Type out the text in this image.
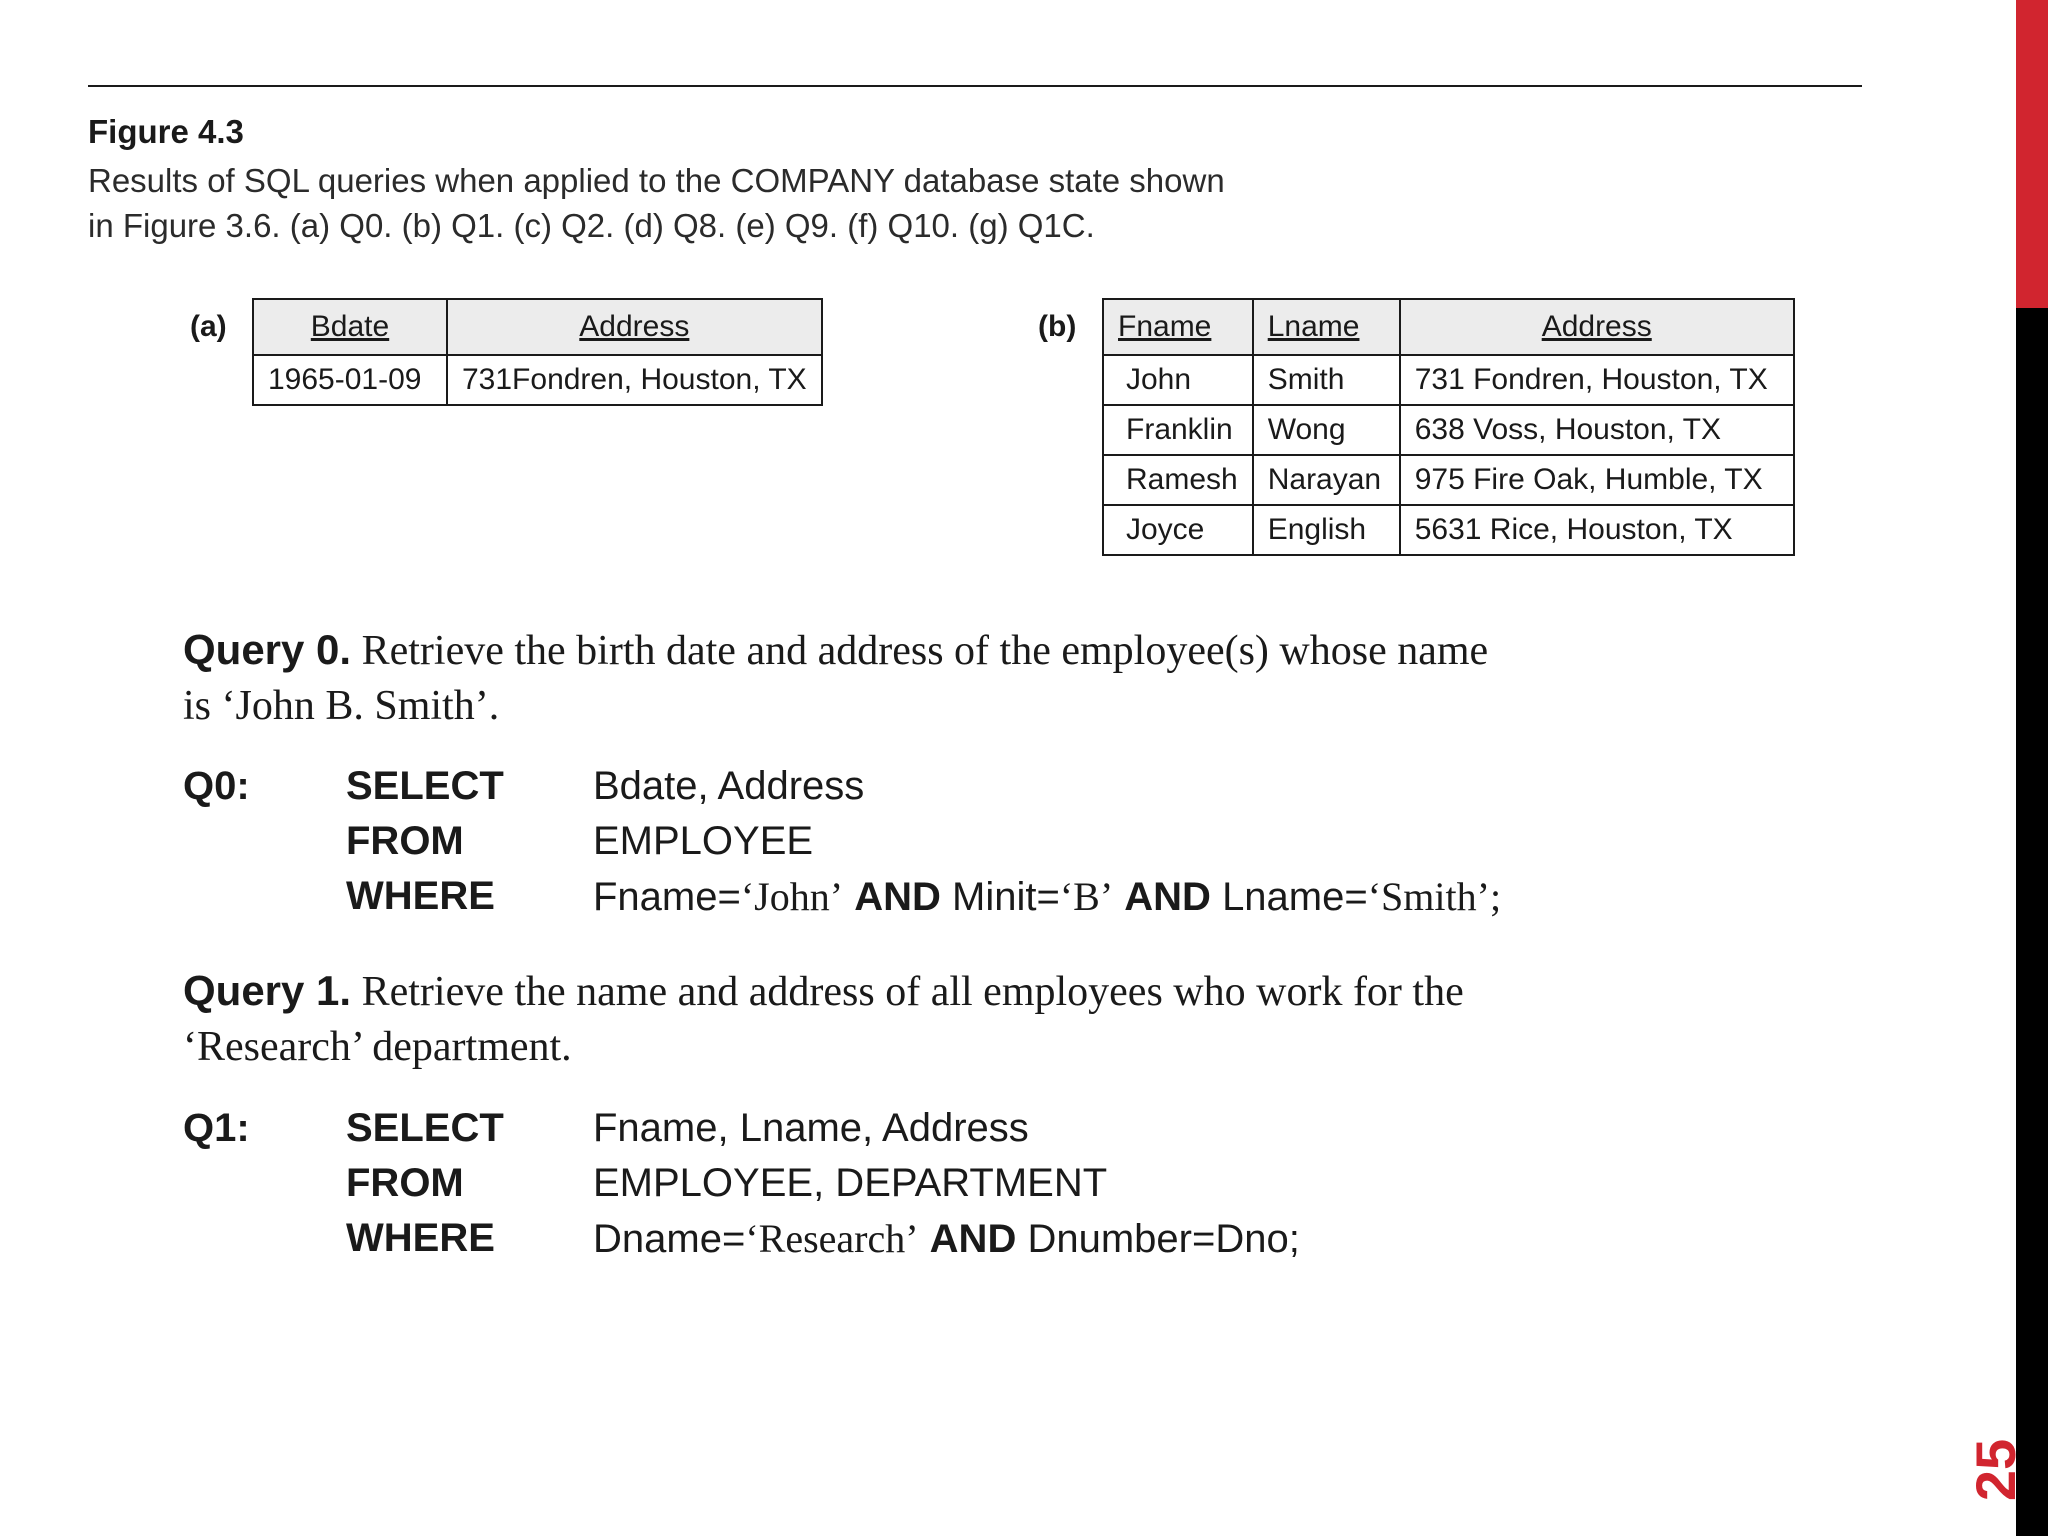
Figure 4.3

Results of SQL queries when applied to the COMPANY database state shown
in Figure 3.6. (a) Q0. (b) Q1. (c) Q2. (d) Q8. (e) Q9. (f) Q10. (g) Q1C.

(a)	Bdate	Address
1965-01-09	731Fondren, Houston, TX
(b) Fname	Lname	Address
John	Smith	731 Fondren, Houston, TX
Franklin	Wong	638 Voss, Houston, TX
Ramesh	Narayan	975 Fire Oak, Humble, TX
Joyce	English	5631 Rice, Houston, TX
Query 0. Retrieve the birth date and address of the employee(s) whose name
is ‘John B. Smith’.
Q0: SELECT Bdate, Address
FROM	EMPLOYEE
WHERE Fname=‘John’ AND Minit=‘B’ AND Lname=‘Smith’;
Query 1. Retrieve the name and address of all employees who work for the
‘Research’ department.
Q1: SELECT Fname, Lname, Address
FROM	EMPLOYEE, DEPARTMENT
WHERE Dname=‘Research’ AND Dnumber=Dno;
25
